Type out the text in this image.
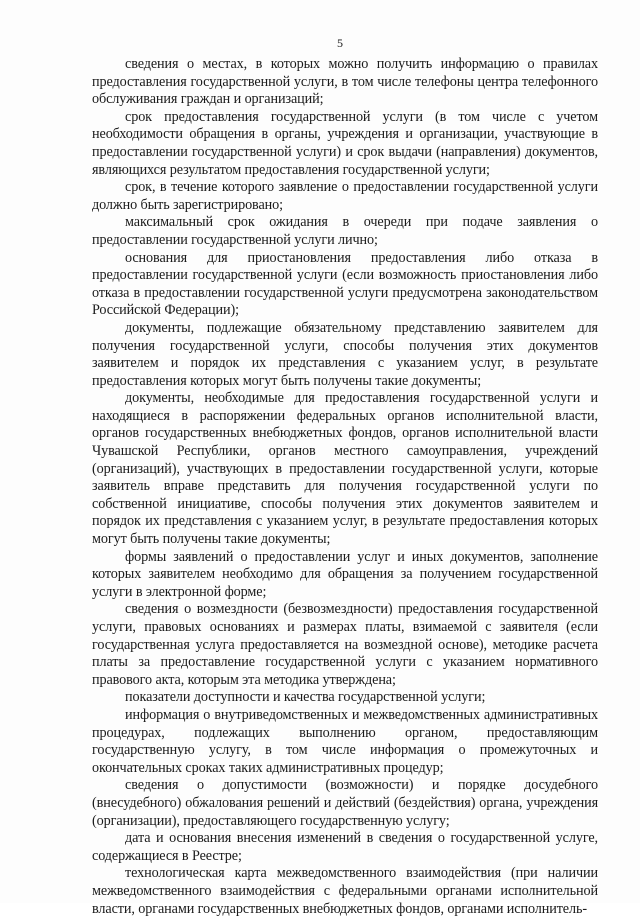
5

сведения о местах, в которых можно получить информацию о правилах предоставления государственной услуги, в том числе телефоны центра телефонного обслуживания граждан и организаций;

срок предоставления государственной услуги (в том числе с учетом необходимости обращения в органы, учреждения и организации, участвующие в предоставлении государственной услуги) и срок выдачи (направления) документов, являющихся результатом предоставления государственной услуги;

срок, в течение которого заявление о предоставлении государственной услуги должно быть зарегистрировано;

максимальный срок ожидания в очереди при подаче заявления о предоставлении государственной услуги лично;

основания для приостановления предоставления либо отказа в предоставлении государственной услуги (если возможность приостановления либо отказа в предоставлении государственной услуги предусмотрена законодательством Российской Федерации);

документы, подлежащие обязательному представлению заявителем для получения государственной услуги, способы получения этих документов заявителем и порядок их представления с указанием услуг, в результате предоставления которых могут быть получены такие документы;

документы, необходимые для предоставления государственной услуги и находящиеся в распоряжении федеральных органов исполнительной власти, органов государственных внебюджетных фондов, органов исполнительной власти Чувашской Республики, органов местного самоуправления, учреждений (организаций), участвующих в предоставлении государственной услуги, которые заявитель вправе представить для получения государственной услуги по собственной инициативе, способы получения этих документов заявителем и порядок их представления с указанием услуг, в результате предоставления которых могут быть получены такие документы;

формы заявлений о предоставлении услуг и иных документов, заполнение которых заявителем необходимо для обращения за получением государственной услуги в электронной форме;

сведения о возмездности (безвозмездности) предоставления государственной услуги, правовых основаниях и размерах платы, взимаемой с заявителя (если государственная услуга предоставляется на возмездной основе), методике расчета платы за предоставление государственной услуги с указанием нормативного правового акта, которым эта методика утверждена;

показатели доступности и качества государственной услуги;

информация о внутриведомственных и межведомственных административных процедурах, подлежащих выполнению органом, предоставляющим государственную услугу, в том числе информация о промежуточных и окончательных сроках таких административных процедур;

сведения о допустимости (возможности) и порядке досудебного (внесудебного) обжалования решений и действий (бездействия) органа, учреждения (организации), предоставляющего государственную услугу;

дата и основания внесения изменений в сведения о государственной услуге, содержащиеся в Реестре;

технологическая карта межведомственного взаимодействия (при наличии межведомственного взаимодействия с федеральными органами исполнительной власти, органами государственных внебюджетных фондов, органами исполнитель-
